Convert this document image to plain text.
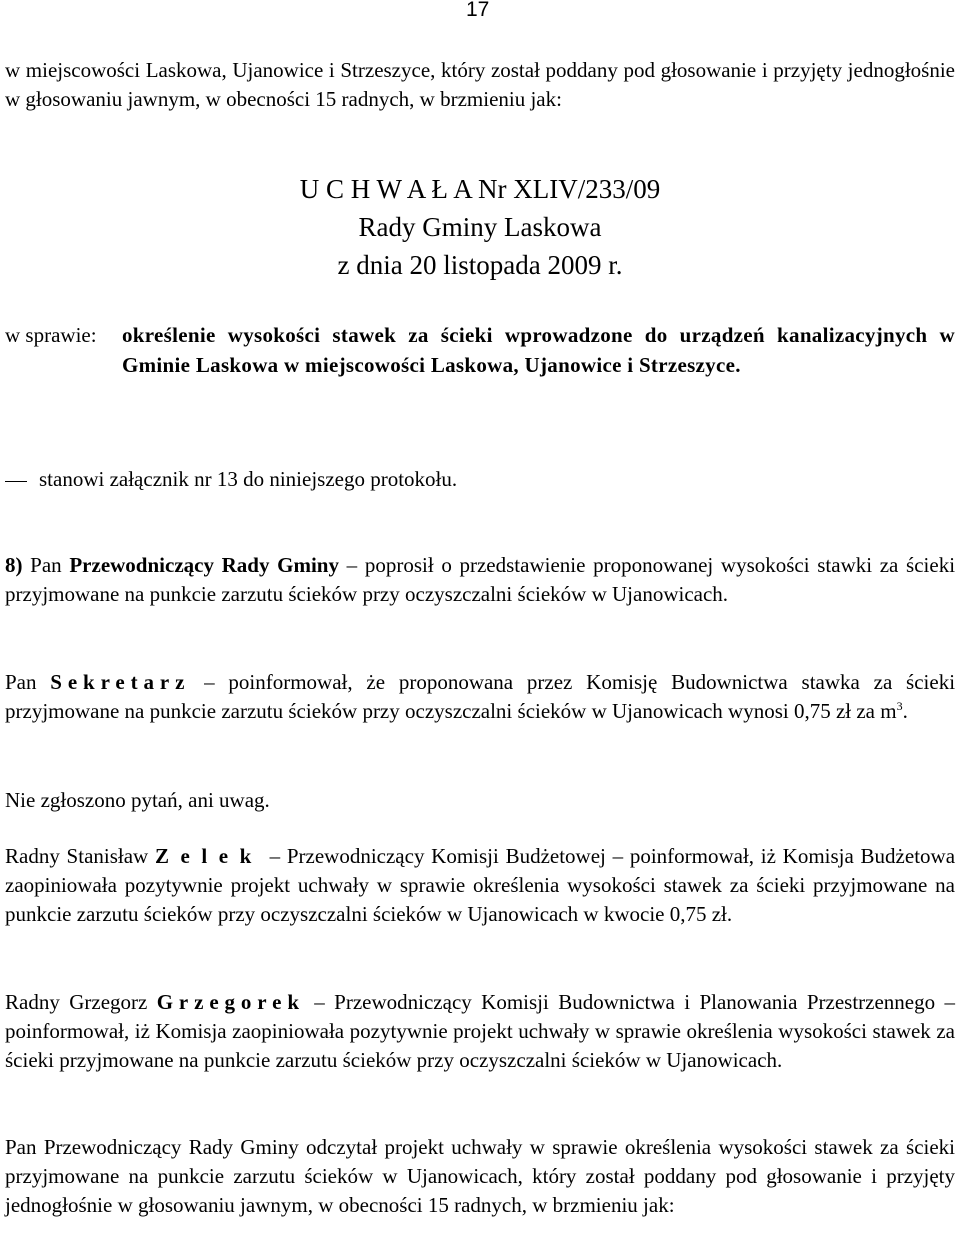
17

w miejscowości Laskowa, Ujanowice i Strzeszyce, który został poddany pod głosowanie i przyjęty jednogłośnie w głosowaniu jawnym, w obecności 15 radnych, w brzmieniu jak:

U C H W A Ł A Nr XLIV/233/09
Rady Gminy Laskowa
z dnia 20 listopada 2009 r.
w sprawie: określenie wysokości stawek za ścieki wprowadzone do urządzeń kanalizacyjnych w Gminie Laskowa w miejscowości Laskowa, Ujanowice i Strzeszyce.
stanowi załącznik nr 13 do niniejszego protokołu.

8) Pan Przewodniczący Rady Gminy – poprosił o przedstawienie proponowanej wysokości stawki za ścieki przyjmowane na punkcie zarzutu ścieków przy oczyszczalni ścieków w Ujanowicach.

Pan Sekretarz – poinformował, że proponowana przez Komisję Budownictwa stawka za ścieki przyjmowane na punkcie zarzutu ścieków przy oczyszczalni ścieków w Ujanowicach wynosi 0,75 zł za $m^3$.

Nie zgłoszono pytań, ani uwag.

Radny Stanisław Zelek – Przewodniczący Komisji Budżetowej – poinformował, iż Komisja Budżetowa zaopiniowała pozytywnie projekt uchwały w sprawie określenia wysokości stawek za ścieki przyjmowane na punkcie zarzutu ścieków przy oczyszczalni ścieków w Ujanowicach w kwocie 0,75 zł.

Radny Grzegorz Grzegorek – Przewodniczący Komisji Budownictwa i Planowania Przestrzennego – poinformował, iż Komisja zaopiniowała pozytywnie projekt uchwały w sprawie określenia wysokości stawek za ścieki przyjmowane na punkcie zarzutu ścieków przy oczyszczalni ścieków w Ujanowicach.

Pan Przewodniczący Rady Gminy odczytał projekt uchwały w sprawie określenia wysokości stawek za ścieki przyjmowane na punkcie zarzutu ścieków w Ujanowicach, który został poddany pod głosowanie i przyjęty jednogłośnie w głosowaniu jawnym, w obecności 15 radnych, w brzmieniu jak:
